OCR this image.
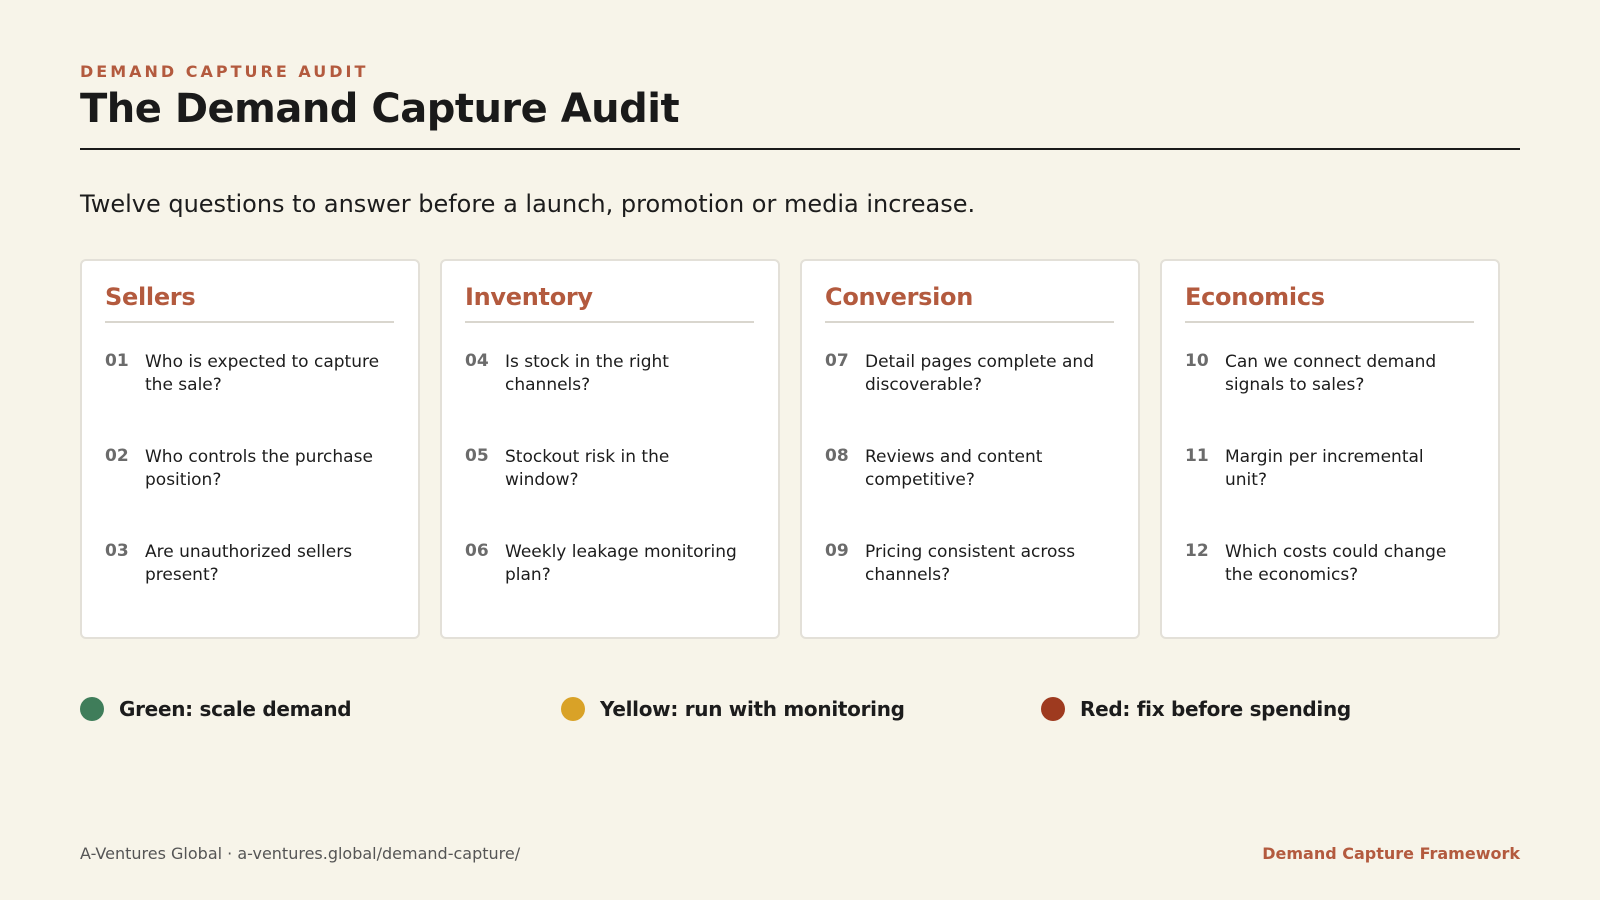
DEMAND CAPTURE AUDIT
The Demand Capture Audit
Twelve questions to answer before a launch, promotion or media increase.
Sellers
01 Who is expected to capture the sale?
02 Who controls the purchase position?
03 Are unauthorized sellers present?
Inventory
04 Is stock in the right channels?
05 Stockout risk in the window?
06 Weekly leakage monitoring plan?
Conversion
07 Detail pages complete and discoverable?
08 Reviews and content competitive?
09 Pricing consistent across channels?
Economics
10 Can we connect demand signals to sales?
11 Margin per incremental unit?
12 Which costs could change the economics?
Green: scale demand	Yellow: run with monitoring	Red: fix before spending
A-Ventures Global · a-ventures.global/demand-capture/	Demand Capture Framework
